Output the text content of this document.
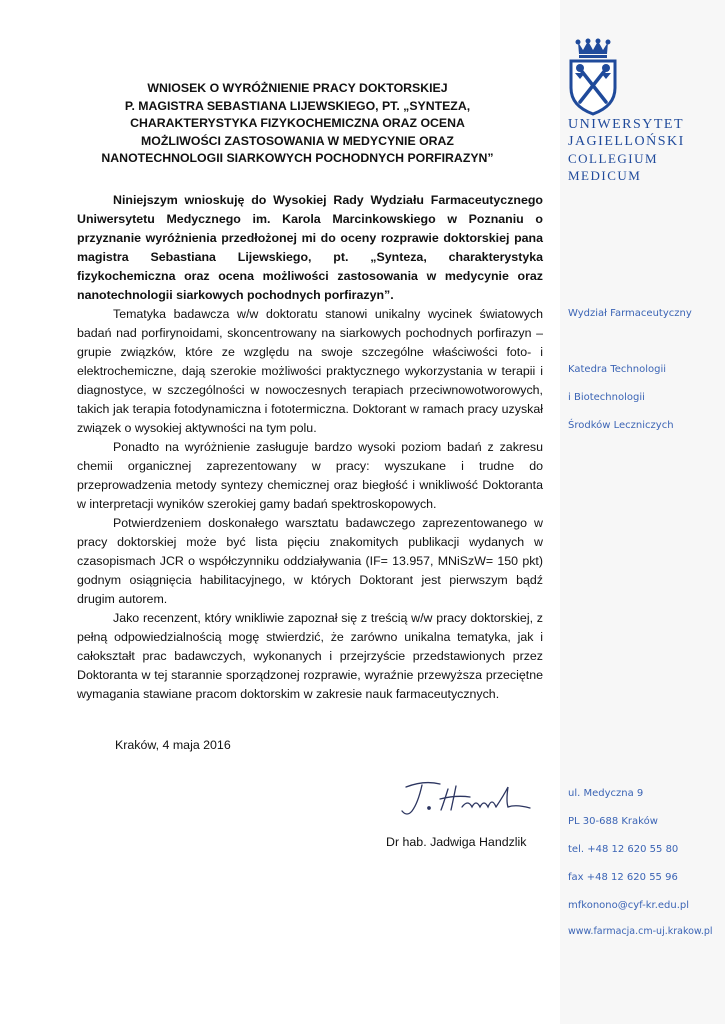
UNIWERSYTET
JAGIELLOŃSKI
COLLEGIUM
MEDICUM
Wydział Farmaceutyczny
Katedra Technologii
i Biotechnologii
Środków Leczniczych
ul. Medyczna 9
PL 30-688 Kraków
tel. +48 12 620 55 80
fax +48 12 620 55 96
mfkonono@cyf-kr.edu.pl
www.farmacja.cm-uj.krakow.pl
WNIOSEK O WYRÓŻNIENIE PRACY DOKTORSKIEJ
P. MAGISTRA SEBASTIANA LIJEWSKIEGO, PT. „SYNTEZA,
CHARAKTERYSTYKA FIZYKOCHEMICZNA ORAZ OCENA
MOŻLIWOŚCI ZASTOSOWANIA W MEDYCYNIE ORAZ
NANOTECHNOLOGII SIARKOWYCH POCHODNYCH PORFIRAZYN”

Niniejszym wnioskuję do Wysokiej Rady Wydziału Farmaceutycznego Uniwersytetu Medycznego im. Karola Marcinkowskiego w Poznaniu o przyznanie wyróżnienia przedłożonej mi do oceny rozprawie doktorskiej pana magistra Sebastiana Lijewskiego, pt. „Synteza, charakterystyka fizykochemiczna oraz ocena możliwości zastosowania w medycynie oraz nanotechnologii siarkowych pochodnych porfirazyn”.

Tematyka badawcza w/w doktoratu stanowi unikalny wycinek światowych badań nad porfirynoidami, skoncentrowany na siarkowych pochodnych porfirazyn – grupie związków, które ze względu na swoje szczególne właściwości foto- i elektrochemiczne, dają szerokie możliwości praktycznego wykorzystania w terapii i diagnostyce, w szczególności w nowoczesnych terapiach przeciwnowotworowych, takich jak terapia fotodynamiczna i fototermiczna. Doktorant w ramach pracy uzyskał związek o wysokiej aktywności na tym polu.

Ponadto na wyróżnienie zasługuje bardzo wysoki poziom badań z zakresu chemii organicznej zaprezentowany w pracy: wyszukane i trudne do przeprowadzenia metody syntezy chemicznej oraz biegłość i wnikliwość Doktoranta w interpretacji wyników szerokiej gamy badań spektroskopowych.

Potwierdzeniem doskonałego warsztatu badawczego zaprezentowanego w pracy doktorskiej może być lista pięciu znakomitych publikacji wydanych w czasopismach JCR o współczynniku oddziaływania (IF= 13.957, MNiSzW= 150 pkt) godnym osiągnięcia habilitacyjnego, w których Doktorant jest pierwszym bądź drugim autorem.

Jako recenzent, który wnikliwie zapoznał się z treścią w/w pracy doktorskiej, z pełną odpowiedzialnością mogę stwierdzić, że zarówno unikalna tematyka, jak i całokształt prac badawczych, wykonanych i przejrzyście przedstawionych przez Doktoranta w tej starannie sporządzonej rozprawie, wyraźnie przewyższa przeciętne wymagania stawiane pracom doktorskim w zakresie nauk farmaceutycznych.

Kraków, 4 maja 2016
Dr hab. Jadwiga Handzlik
